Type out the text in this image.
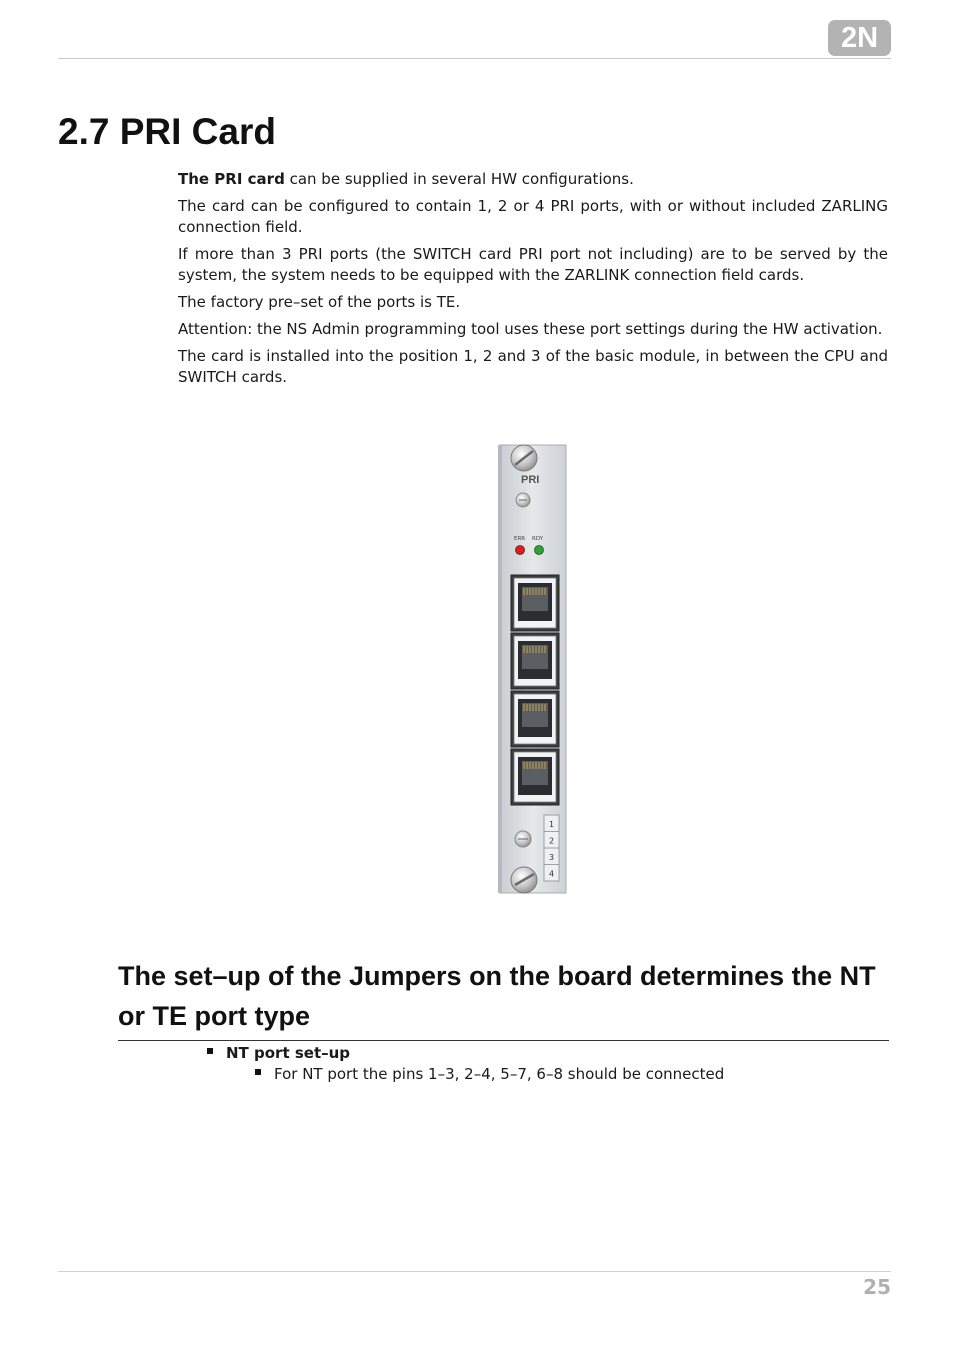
2N
2.7 PRI Card

The PRI card can be supplied in several HW configurations.

The card can be configured to contain 1, 2 or 4 PRI ports, with or without included ZARLING connection field.

If more than 3 PRI ports (the SWITCH card PRI port not including) are to be served by the system, the system needs to be equipped with the ZARLINK connection field cards.

The factory pre–set of the ports is TE.

Attention: the NS Admin programming tool uses these port settings during the HW activation.

The card is installed into the position 1, 2 and 3 of the basic module, in between the CPU and SWITCH cards.

PRI
ERR RDY
1
2
3
4
The set–up of the Jumpers on the board determines the NT or TE port type
NT port set–up
For NT port the pins 1–3, 2–4, 5–7, 6–8 should be connected
25
